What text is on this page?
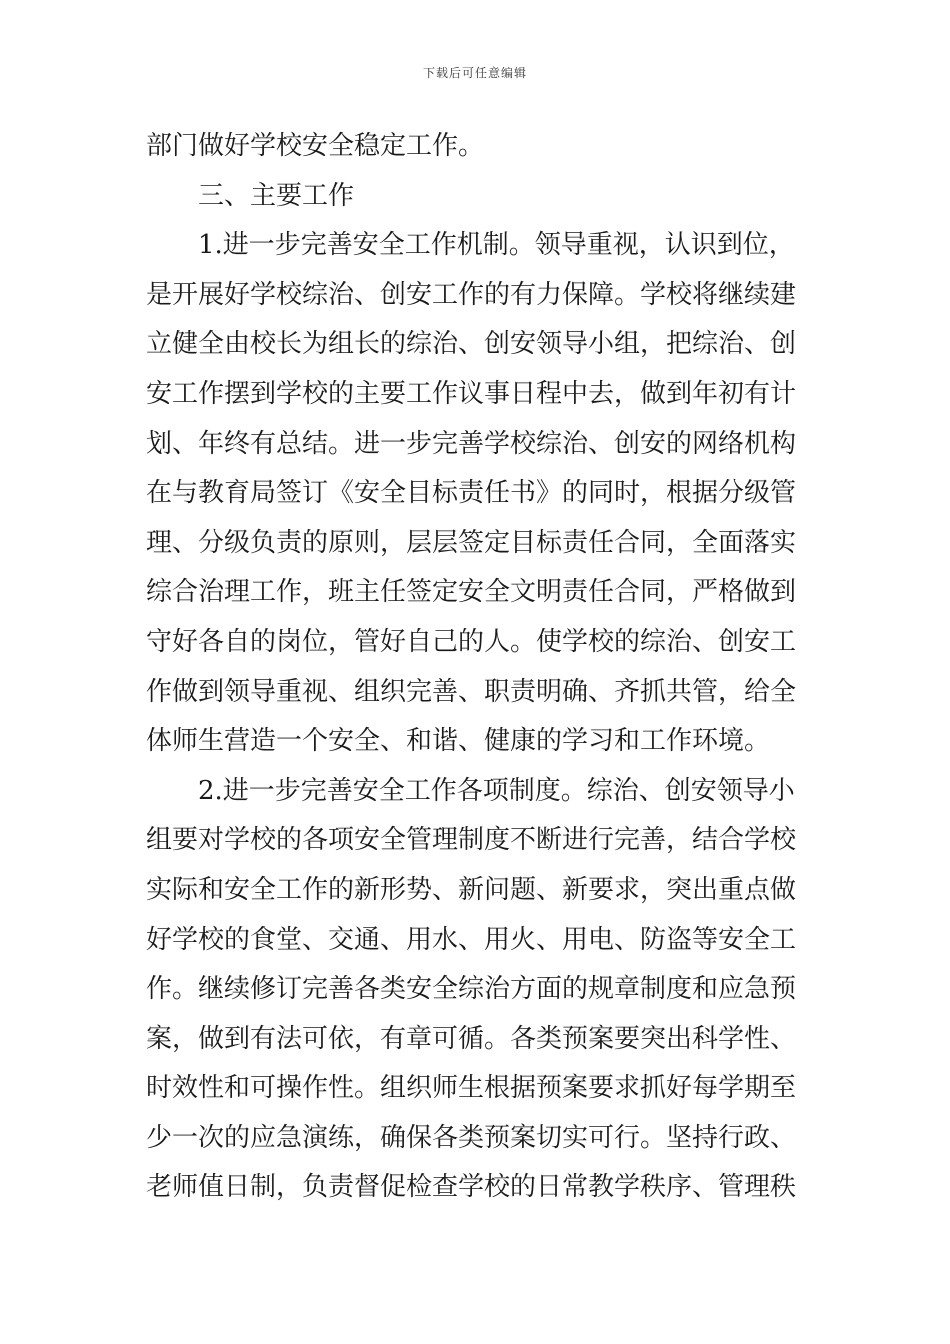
下载后可任意编辑
部门做好学校安全稳定工作。
三、主要工作
1.进一步完善安全工作机制。领导重视，认识到位，
是开展好学校综治、创安工作的有力保障。学校将继续建
立健全由校长为组长的综治、创安领导小组，把综治、创
安工作摆到学校的主要工作议事日程中去，做到年初有计
划、年终有总结。进一步完善学校综治、创安的网络机构
在与教育局签订《安全目标责任书》的同时，根据分级管
理、分级负责的原则，层层签定目标责任合同，全面落实
综合治理工作，班主任签定安全文明责任合同，严格做到
守好各自的岗位，管好自己的人。使学校的综治、创安工
作做到领导重视、组织完善、职责明确、齐抓共管，给全
体师生营造一个安全、和谐、健康的学习和工作环境。
2.进一步完善安全工作各项制度。综治、创安领导小
组要对学校的各项安全管理制度不断进行完善，结合学校
实际和安全工作的新形势、新问题、新要求，突出重点做
好学校的食堂、交通、用水、用火、用电、防盗等安全工
作。继续修订完善各类安全综治方面的规章制度和应急预
案，做到有法可依，有章可循。各类预案要突出科学性、
时效性和可操作性。组织师生根据预案要求抓好每学期至
少一次的应急演练，确保各类预案切实可行。坚持行政、
老师值日制，负责督促检查学校的日常教学秩序、管理秩
